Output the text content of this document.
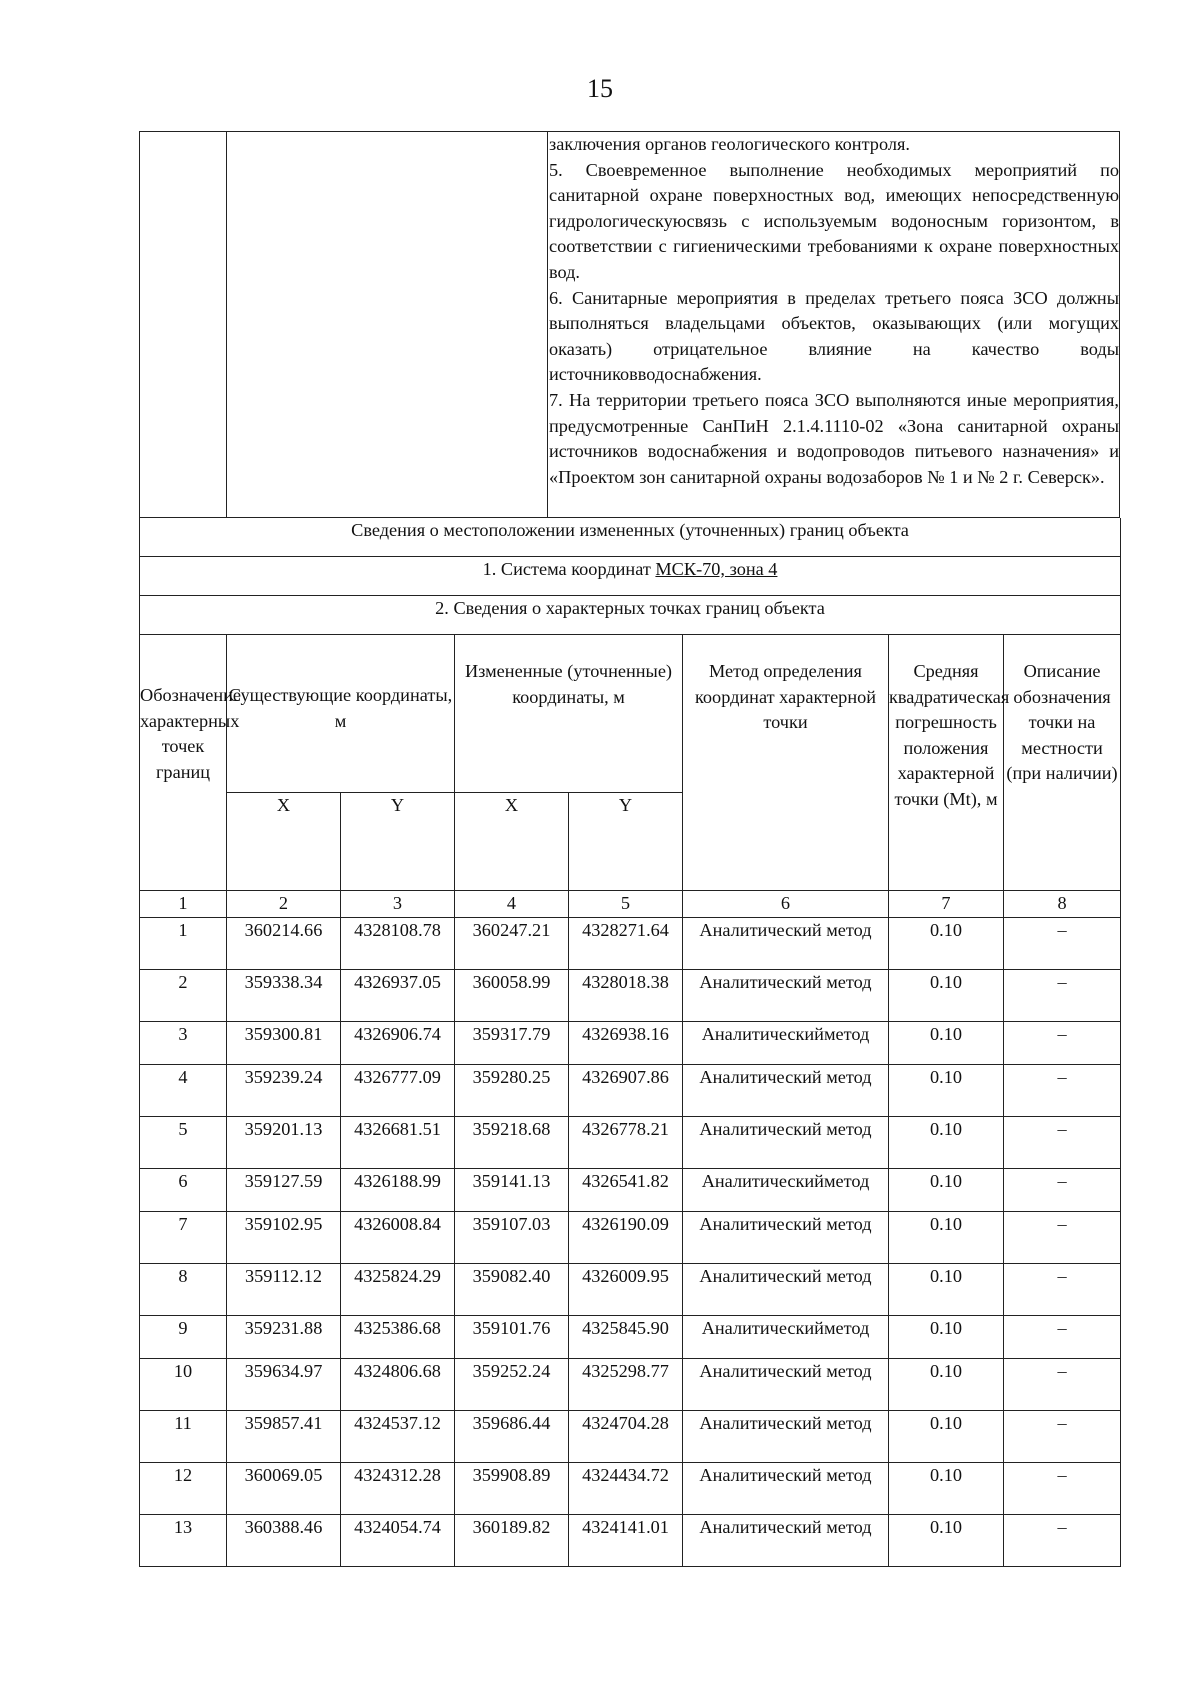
15

заключения органов геологического контроля.

5. Своевременное выполнение необходимых мероприятий по санитарной охране поверхностных вод, имеющих непосредственную гидрологическуюсвязь с используемым водоносным горизонтом, в соответствии с гигиеническими требованиями к охране поверхностных вод.

6. Санитарные мероприятия в пределах третьего пояса ЗСО должны выполняться владельцами объектов, оказывающих (или могущих оказать) отрицательное влияние на качество воды источниковводоснабжения.

7. На территории третьего пояса ЗСО выполняются иные мероприятия, предусмотренные СанПиН 2.1.4.1110-02 «Зона санитарной охраны источников водоснабжения и водопроводов питьевого назначения» и «Проектом зон санитарной охраны водозаборов № 1 и № 2 г. Северск».

Сведения о местоположении измененных (уточненных) границ объекта							
1. Система координат МСК-70, зона 4							
2. Сведения о характерных точках границ объекта							
Обозначение характерных точек границ	Существующие координаты, м		Измененные (уточненные) координаты, м		Метод определения координат характерной точки	Средняя квадратическая погрешность положения характерной точки (Mt), м	Описание обозначения точки на местности (при наличии)
	X	Y	X	Y			
1	2	3	4	5	6	7	8
1	360214.66	4328108.78	360247.21	4328271.64	Аналитический метод	0.10	–
2	359338.34	4326937.05	360058.99	4328018.38	Аналитический метод	0.10	–
3	359300.81	4326906.74	359317.79	4326938.16	Аналитическийметод	0.10	–
4	359239.24	4326777.09	359280.25	4326907.86	Аналитический метод	0.10	–
5	359201.13	4326681.51	359218.68	4326778.21	Аналитический метод	0.10	–
6	359127.59	4326188.99	359141.13	4326541.82	Аналитическийметод	0.10	–
7	359102.95	4326008.84	359107.03	4326190.09	Аналитический метод	0.10	–
8	359112.12	4325824.29	359082.40	4326009.95	Аналитический метод	0.10	–
9	359231.88	4325386.68	359101.76	4325845.90	Аналитическийметод	0.10	–
10	359634.97	4324806.68	359252.24	4325298.77	Аналитический метод	0.10	–
11	359857.41	4324537.12	359686.44	4324704.28	Аналитический метод	0.10	–
12	360069.05	4324312.28	359908.89	4324434.72	Аналитический метод	0.10	–
13	360388.46	4324054.74	360189.82	4324141.01	Аналитический метод	0.10	–
